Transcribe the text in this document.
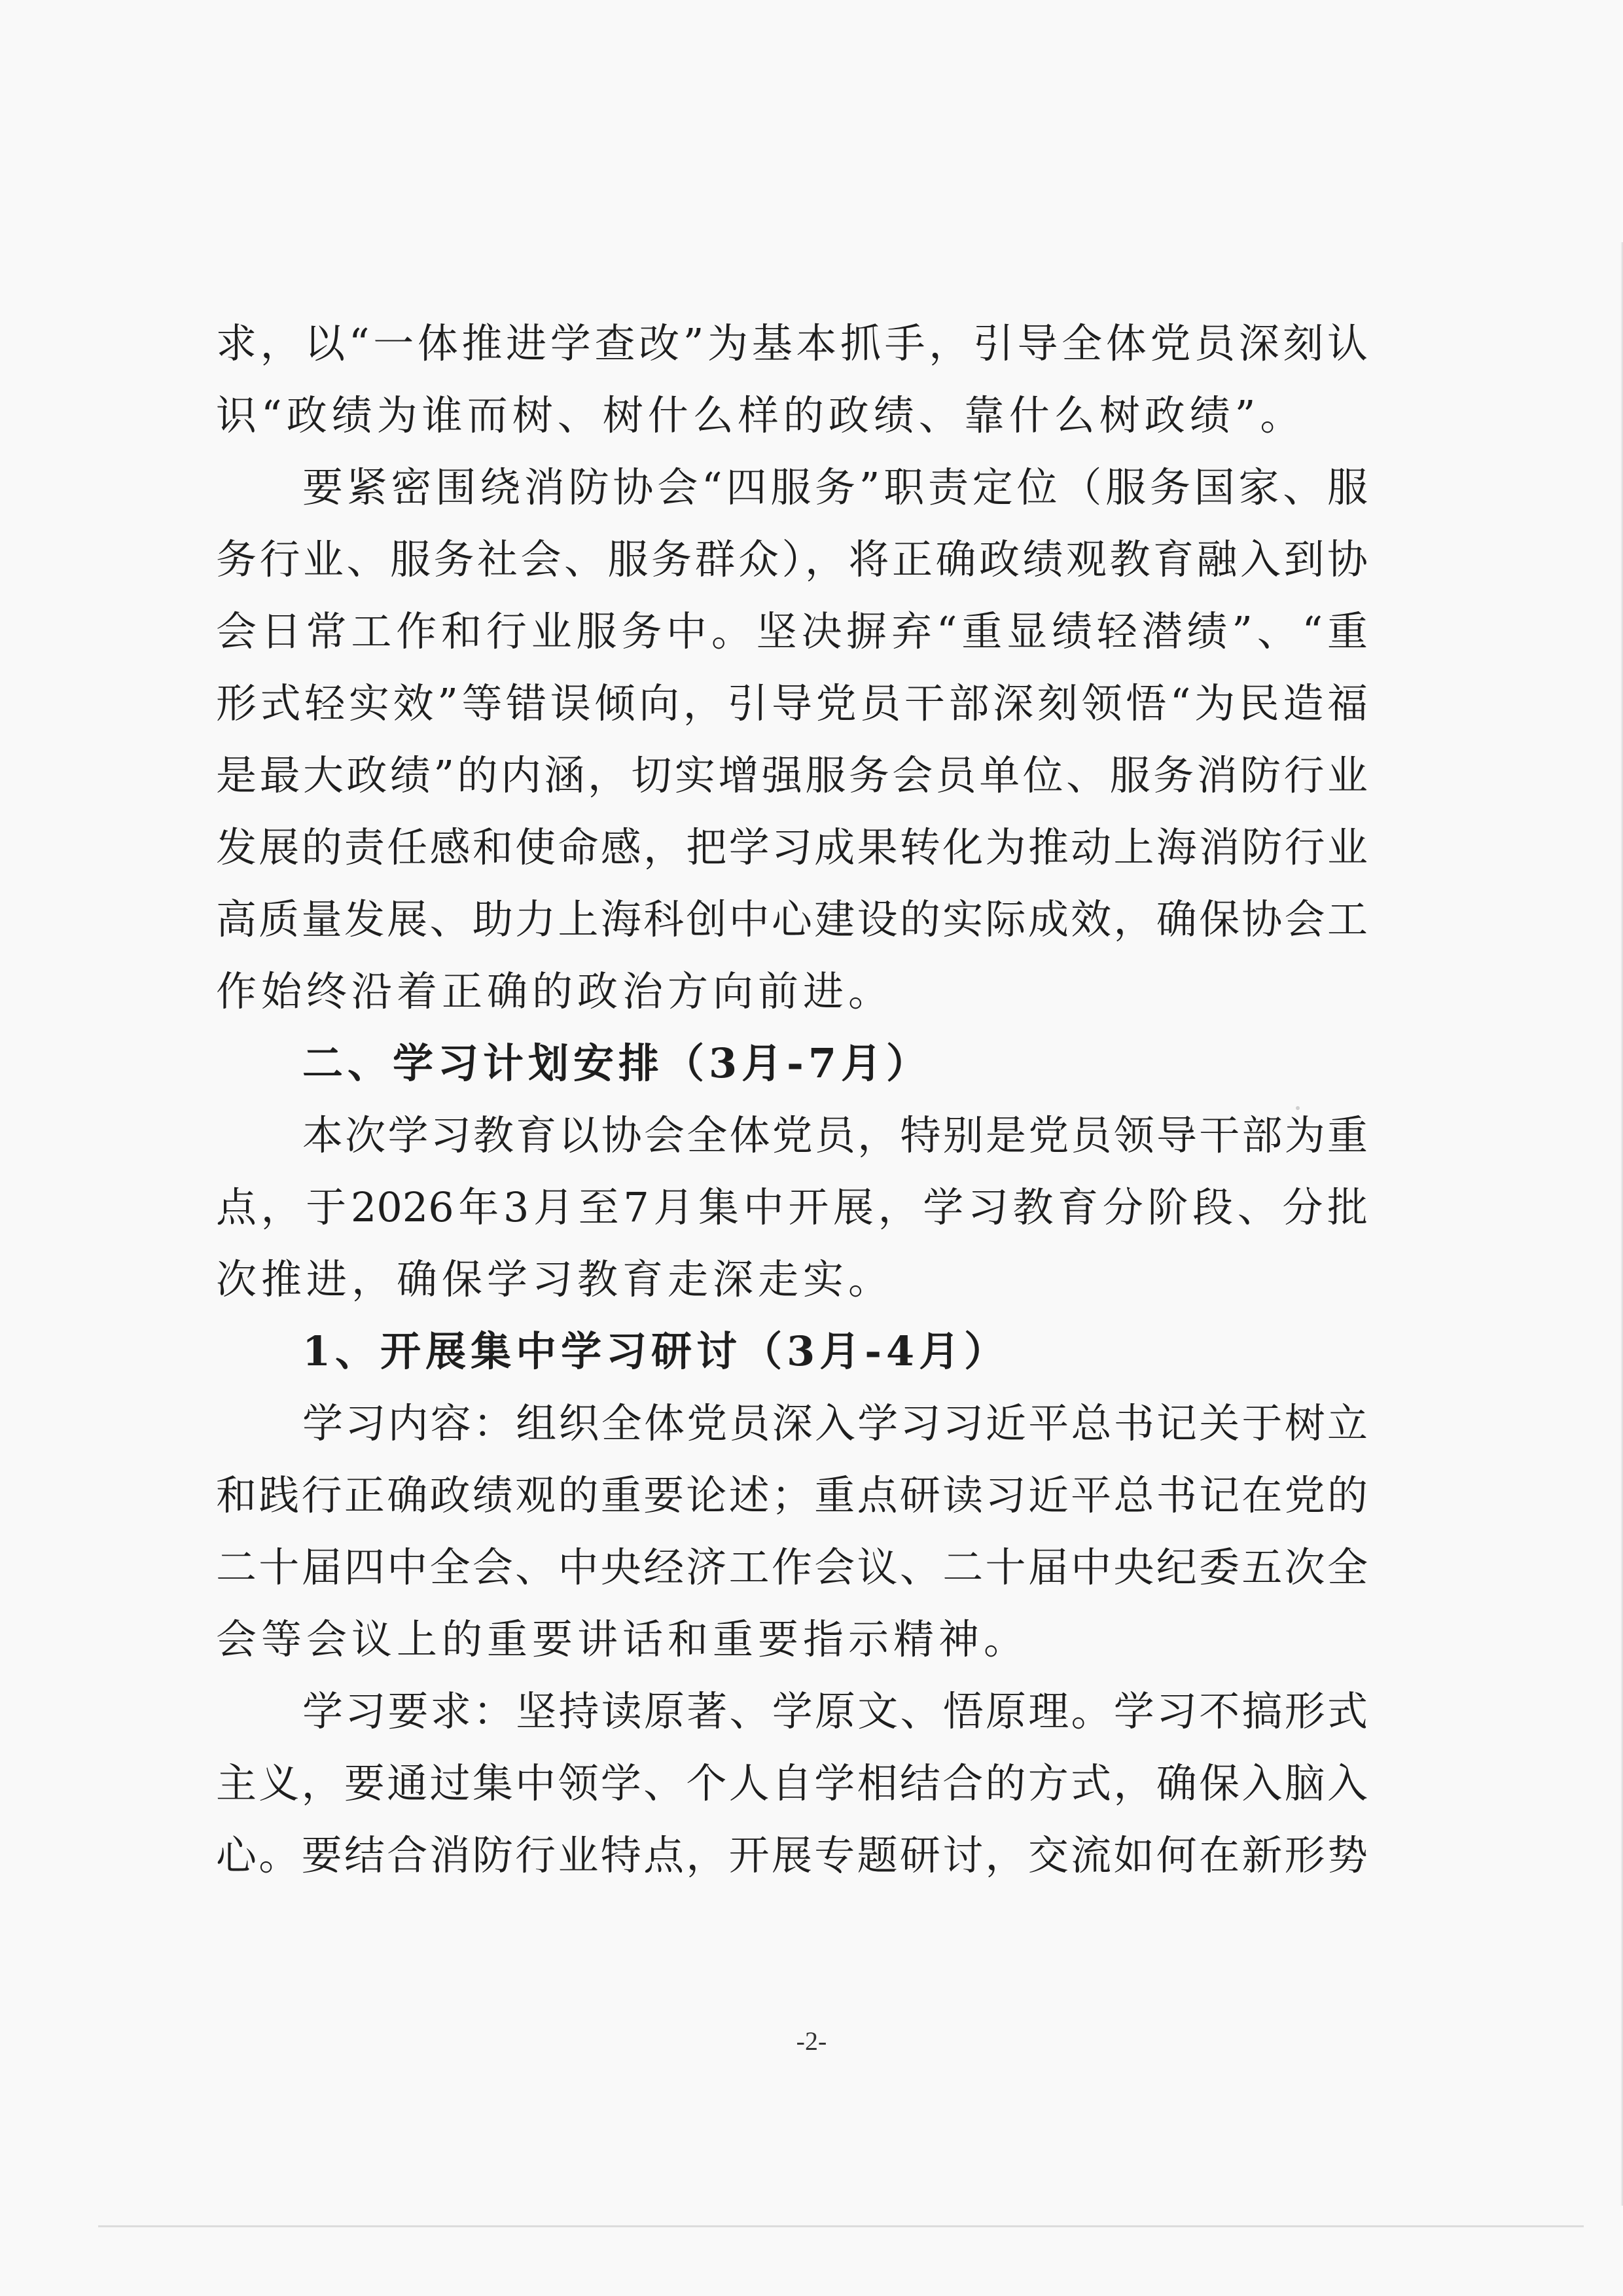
求，以“一体推进学查改”为基本抓手，引导全体党员深刻认
识“政绩为谁而树、树什么样的政绩、靠什么树政绩”。
要紧密围绕消防协会“四服务”职责定位（服务国家、服
务行业、服务社会、服务群众），将正确政绩观教育融入到协
会日常工作和行业服务中。坚决摒弃“重显绩轻潜绩”、“重
形式轻实效”等错误倾向，引导党员干部深刻领悟“为民造福
是最大政绩”的内涵，切实增强服务会员单位、服务消防行业
发展的责任感和使命感，把学习成果转化为推动上海消防行业
高质量发展、助力上海科创中心建设的实际成效，确保协会工
作始终沿着正确的政治方向前进。
二、学习计划安排（3月-7月）
本次学习教育以协会全体党员，特别是党员领导干部为重
点，于2026年3月至7月集中开展，学习教育分阶段、分批
次推进，确保学习教育走深走实。
1、开展集中学习研讨（3月-4月）
学习内容：组织全体党员深入学习习近平总书记关于树立
和践行正确政绩观的重要论述；重点研读习近平总书记在党的
二十届四中全会、中央经济工作会议、二十届中央纪委五次全
会等会议上的重要讲话和重要指示精神。
学习要求：坚持读原著、学原文、悟原理。学习不搞形式
主义，要通过集中领学、个人自学相结合的方式，确保入脑入
心。要结合消防行业特点，开展专题研讨，交流如何在新形势
-2-
